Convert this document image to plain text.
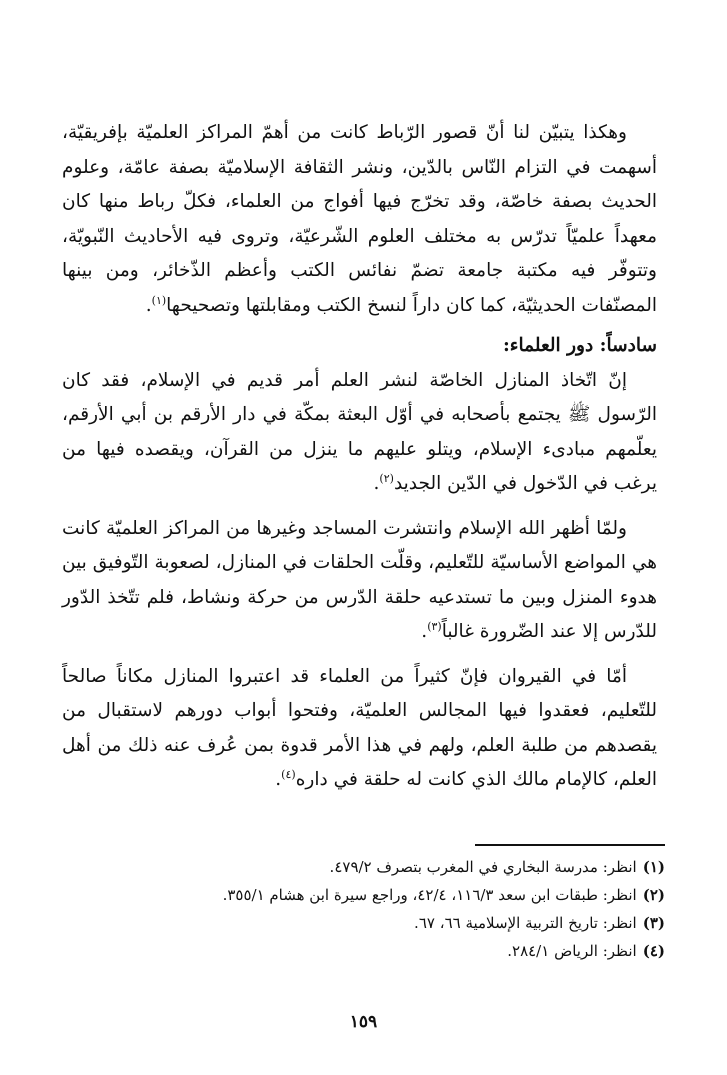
وهكذا يتبيّن لنا أنّ قصور الرّباط كانت من أهمّ المراكز العلميّة بإفريقيّة، أسهمت في التزام النّاس بالدّين، ونشر الثقافة الإسلاميّة بصفة عامّة، وعلوم الحديث بصفة خاصّة، وقد تخرّج فيها أفواج من العلماء، فكلّ رباط منها كان معهداً علميّاً تدرّس به مختلف العلوم الشّرعيّة، وتروى فيه الأحاديث النّبويّة، وتتوفّر فيه مكتبة جامعة تضمّ نفائس الكتب وأعظم الذّخائر، ومن بينها المصنّفات الحديثيّة، كما كان داراً لنسخ الكتب ومقابلتها وتصحيحها$^{(١)}$.

سادساً: دور العلماء:

إنّ اتّخاذ المنازل الخاصّة لنشر العلم أمر قديم في الإسلام، فقد كان الرّسول ﷺ يجتمع بأصحابه في أوّل البعثة بمكّة في دار الأرقم بن أبي الأرقم، يعلّمهم مبادىء الإسلام، ويتلو عليهم ما ينزل من القرآن، ويقصده فيها من يرغب في الدّخول في الدّين الجديد$^{(٢)}$.

ولمّا أظهر الله الإسلام وانتشرت المساجد وغيرها من المراكز العلميّة كانت هي المواضع الأساسيّة للتّعليم، وقلّت الحلقات في المنازل، لصعوبة التّوفيق بين هدوء المنزل وبين ما تستدعيه حلقة الدّرس من حركة ونشاط، فلم تتّخذ الدّور للدّرس إلا عند الضّرورة غالباً$^{(٣)}$.

أمّا في القيروان فإنّ كثيراً من العلماء قد اعتبروا المنازل مكاناً صالحاً للتّعليم، فعقدوا فيها المجالس العلميّة، وفتحوا أبواب دورهم لاستقبال من يقصدهم من طلبة العلم، ولهم في هذا الأمر قدوة بمن عُرف عنه ذلك من أهل العلم، كالإمام مالك الذي كانت له حلقة في داره$^{(٤)}$.

(١)انظر: مدرسة البخاري في المغرب بتصرف ٤٧٩/٢.

(٢)انظر: طبقات ابن سعد ١١٦/٣، ٤٢/٤، وراجع سيرة ابن هشام ٣٥٥/١.

(٣)انظر: تاريخ التربية الإسلامية ٦٦، ٦٧.

(٤)انظر: الرياض ٢٨٤/١.

١٥٩
